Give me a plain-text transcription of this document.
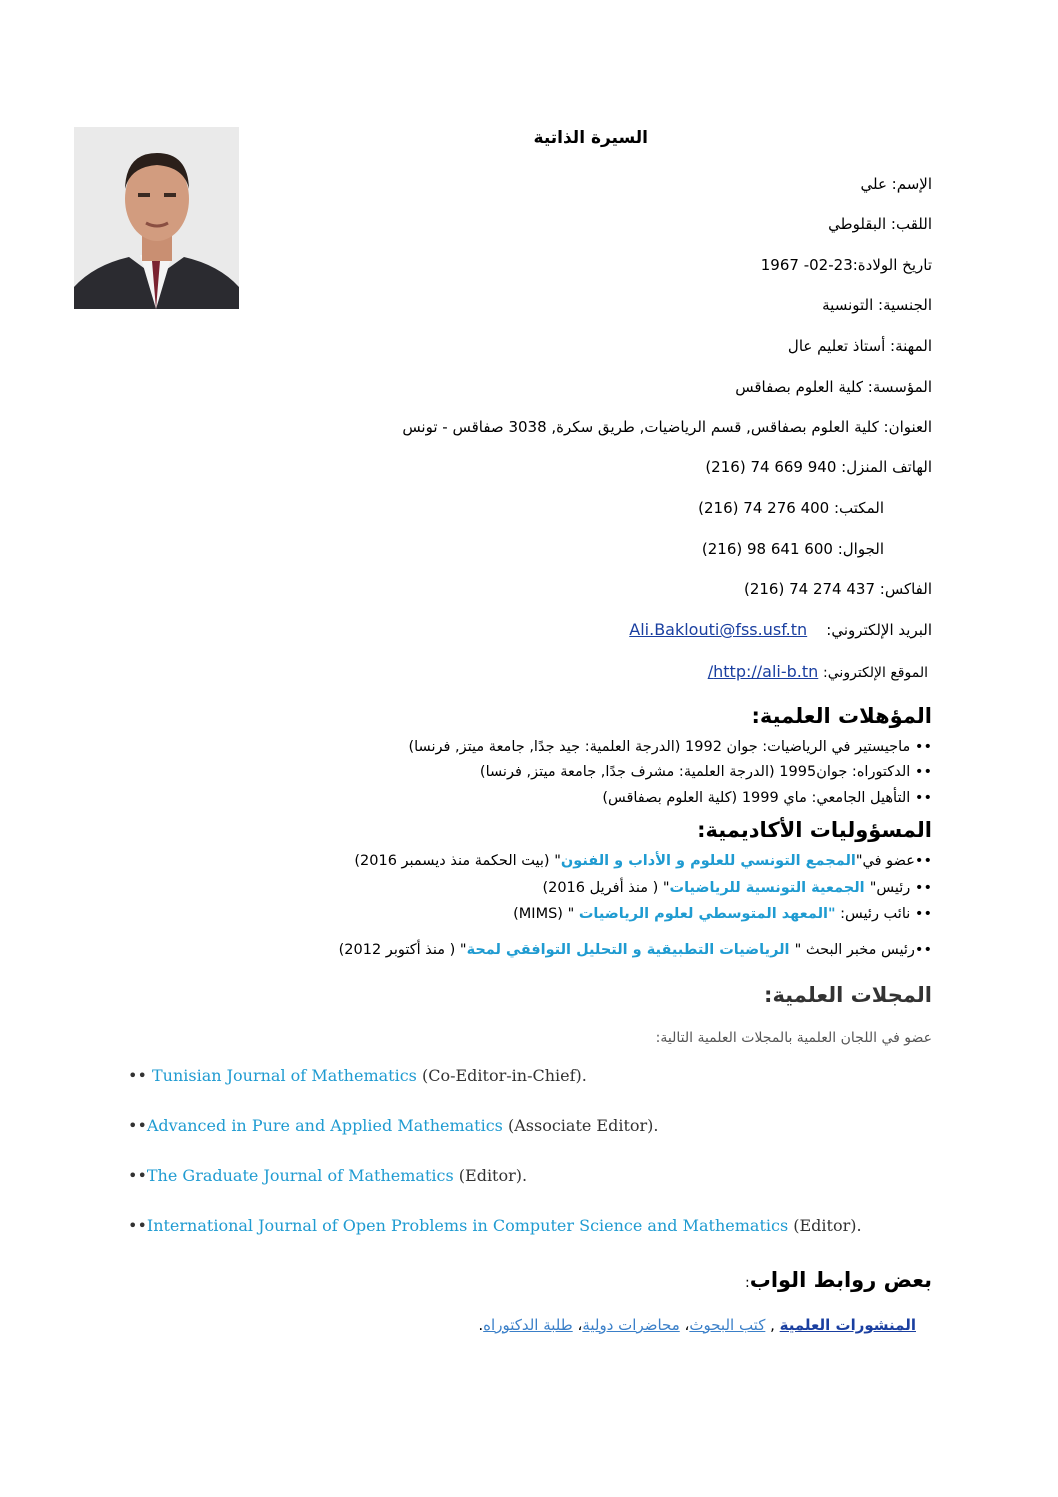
السيرة الذاتية
الإسم: علي
اللقب: البقلوطي
تاريخ الولادة:23-02- 1967
الجنسية: التونسية
المهنة: أستاذ تعليم عال
المؤسسة: كلية العلوم بصفاقس
العنوان: كلية العلوم بصفاقس, قسم الرياضيات, طريق سكرة, 3038 صفاقس - تونس
الهاتف المنزل: 940 669 74 (216)
المكتب: 400 276 74 (216)
الجوال: 600 641 98 (216)
الفاكس: 437 274 74 (216)
البريد الإلكتروني:    Ali.Baklouti@fss.usf.tn
الموقع الإلكتروني: http://ali-b.tn/
المؤهلات العلمية:
•• ماجيستير في الرياضيات: جوان 1992 (الدرجة العلمية: جيد جدًا, جامعة ميتز, فرنسا)
•• الدكتوراه: جوان1995 (الدرجة العلمية: مشرف جدًا, جامعة ميتز, فرنسا)
•• التأهيل الجامعي: ماي 1999 (كلية العلوم بصفاقس)
المسؤوليات الأكاديمية:
••عضو في"المجمع التونسي للعلوم و الأداب و الفنون" (بيت الحكمة منذ ديسمبر 2016)
•• رئيس" الجمعية التونسية للرياضيات" ( منذ أفريل 2016)
•• نائب رئيس: "المعهد المتوسطي لعلوم الرياضيات " (MIMS)
••رئيس مخبر البحث " الرياضيات التطبيقية و التحليل التوافقي لمحة" ( منذ أكتوبر 2012)
المجلات العلمية:
عضو في اللجان العلمية بالمجلات العلمية التالية:
•• Tunisian Journal of Mathematics (Co-Editor-in-Chief).
••Advanced in Pure and Applied Mathematics (Associate Editor).
••The Graduate Journal of Mathematics (Editor).
••International Journal of Open Problems in Computer Science and Mathematics (Editor).
بعض روابط الواب:
المنشورات العلمية , كتب البحوث، محاضرات دولية، طلبة الدكتوراه.
